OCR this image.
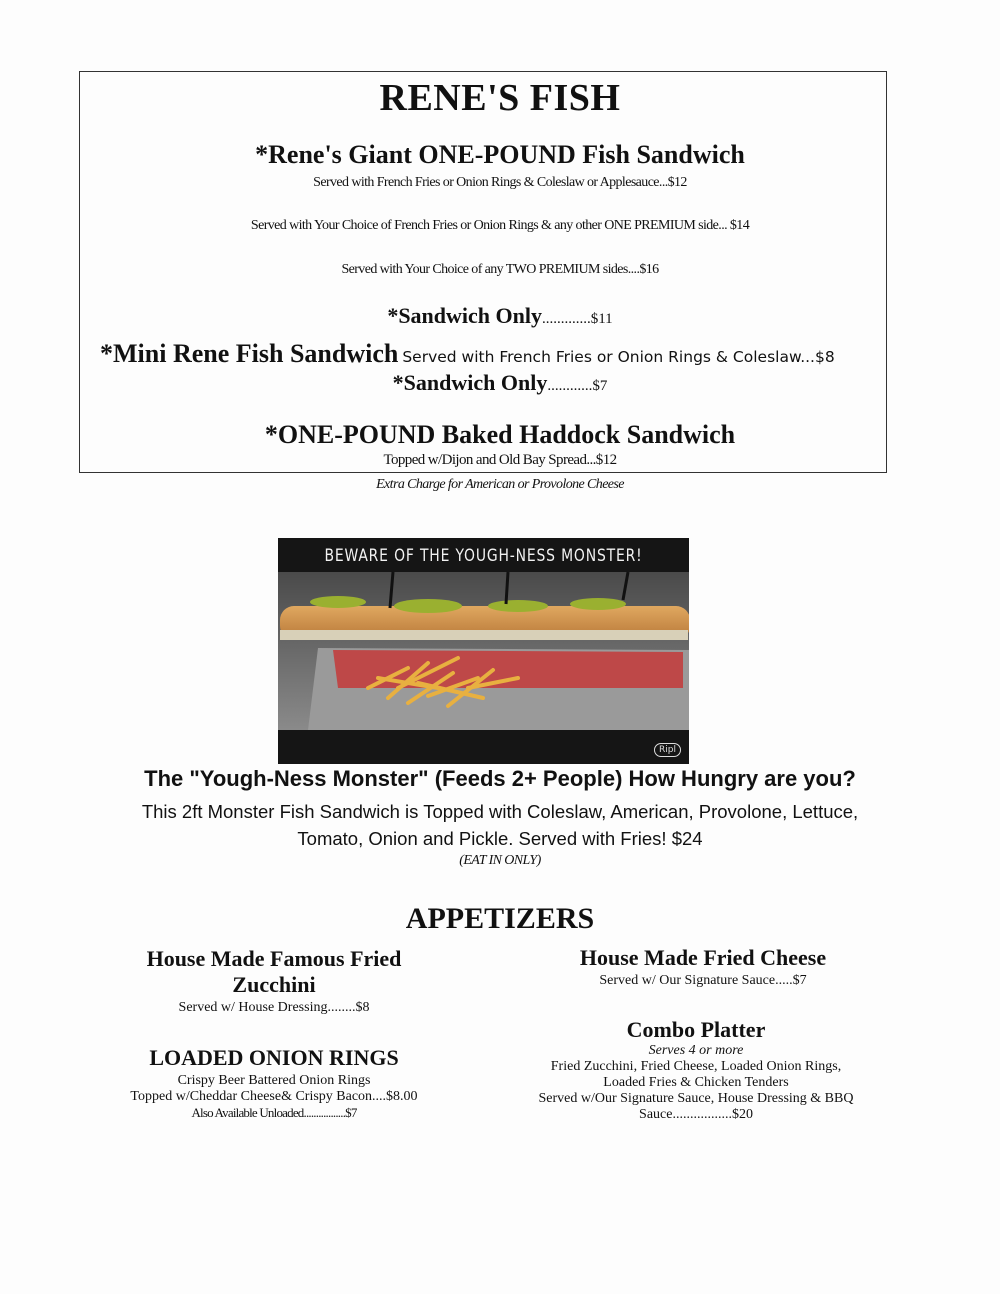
RENE'S FISH
*Rene's Giant ONE-POUND Fish Sandwich
Served with French Fries or Onion Rings & Coleslaw or Applesauce...$12
Served with Your Choice of French Fries or Onion Rings & any other ONE PREMIUM side... $14
Served with Your Choice of any TWO PREMIUM sides....$16
*Sandwich Only.............$11
*Mini Rene Fish Sandwich Served with French Fries or Onion Rings & Coleslaw...$8
*Sandwich Only............$7
*ONE-POUND Baked Haddock Sandwich
Topped w/Dijon and Old Bay Spread...$12
Extra Charge for American or Provolone Cheese
BEWARE OF THE YOUGH-NESS MONSTER!
Ripl
The "Yough-Ness Monster" (Feeds 2+ People) How Hungry are you?
This 2ft Monster Fish Sandwich is Topped with Coleslaw, American, Provolone, Lettuce,
Tomato, Onion and Pickle. Served with Fries! $24
(EAT IN ONLY)
APPETIZERS
House Made Famous Fried
Zucchini
Served w/ House Dressing........$8
LOADED ONION RINGS
Crispy Beer Battered Onion Rings
Topped w/Cheddar Cheese& Crispy Bacon....$8.00
Also Available Unloaded.................$7
House Made Fried Cheese
Served w/ Our Signature Sauce.....$7
Combo Platter
Serves 4 or more
Fried Zucchini, Fried Cheese, Loaded Onion Rings,
Loaded Fries & Chicken Tenders
Served w/Our Signature Sauce, House Dressing & BBQ
Sauce.................$20
